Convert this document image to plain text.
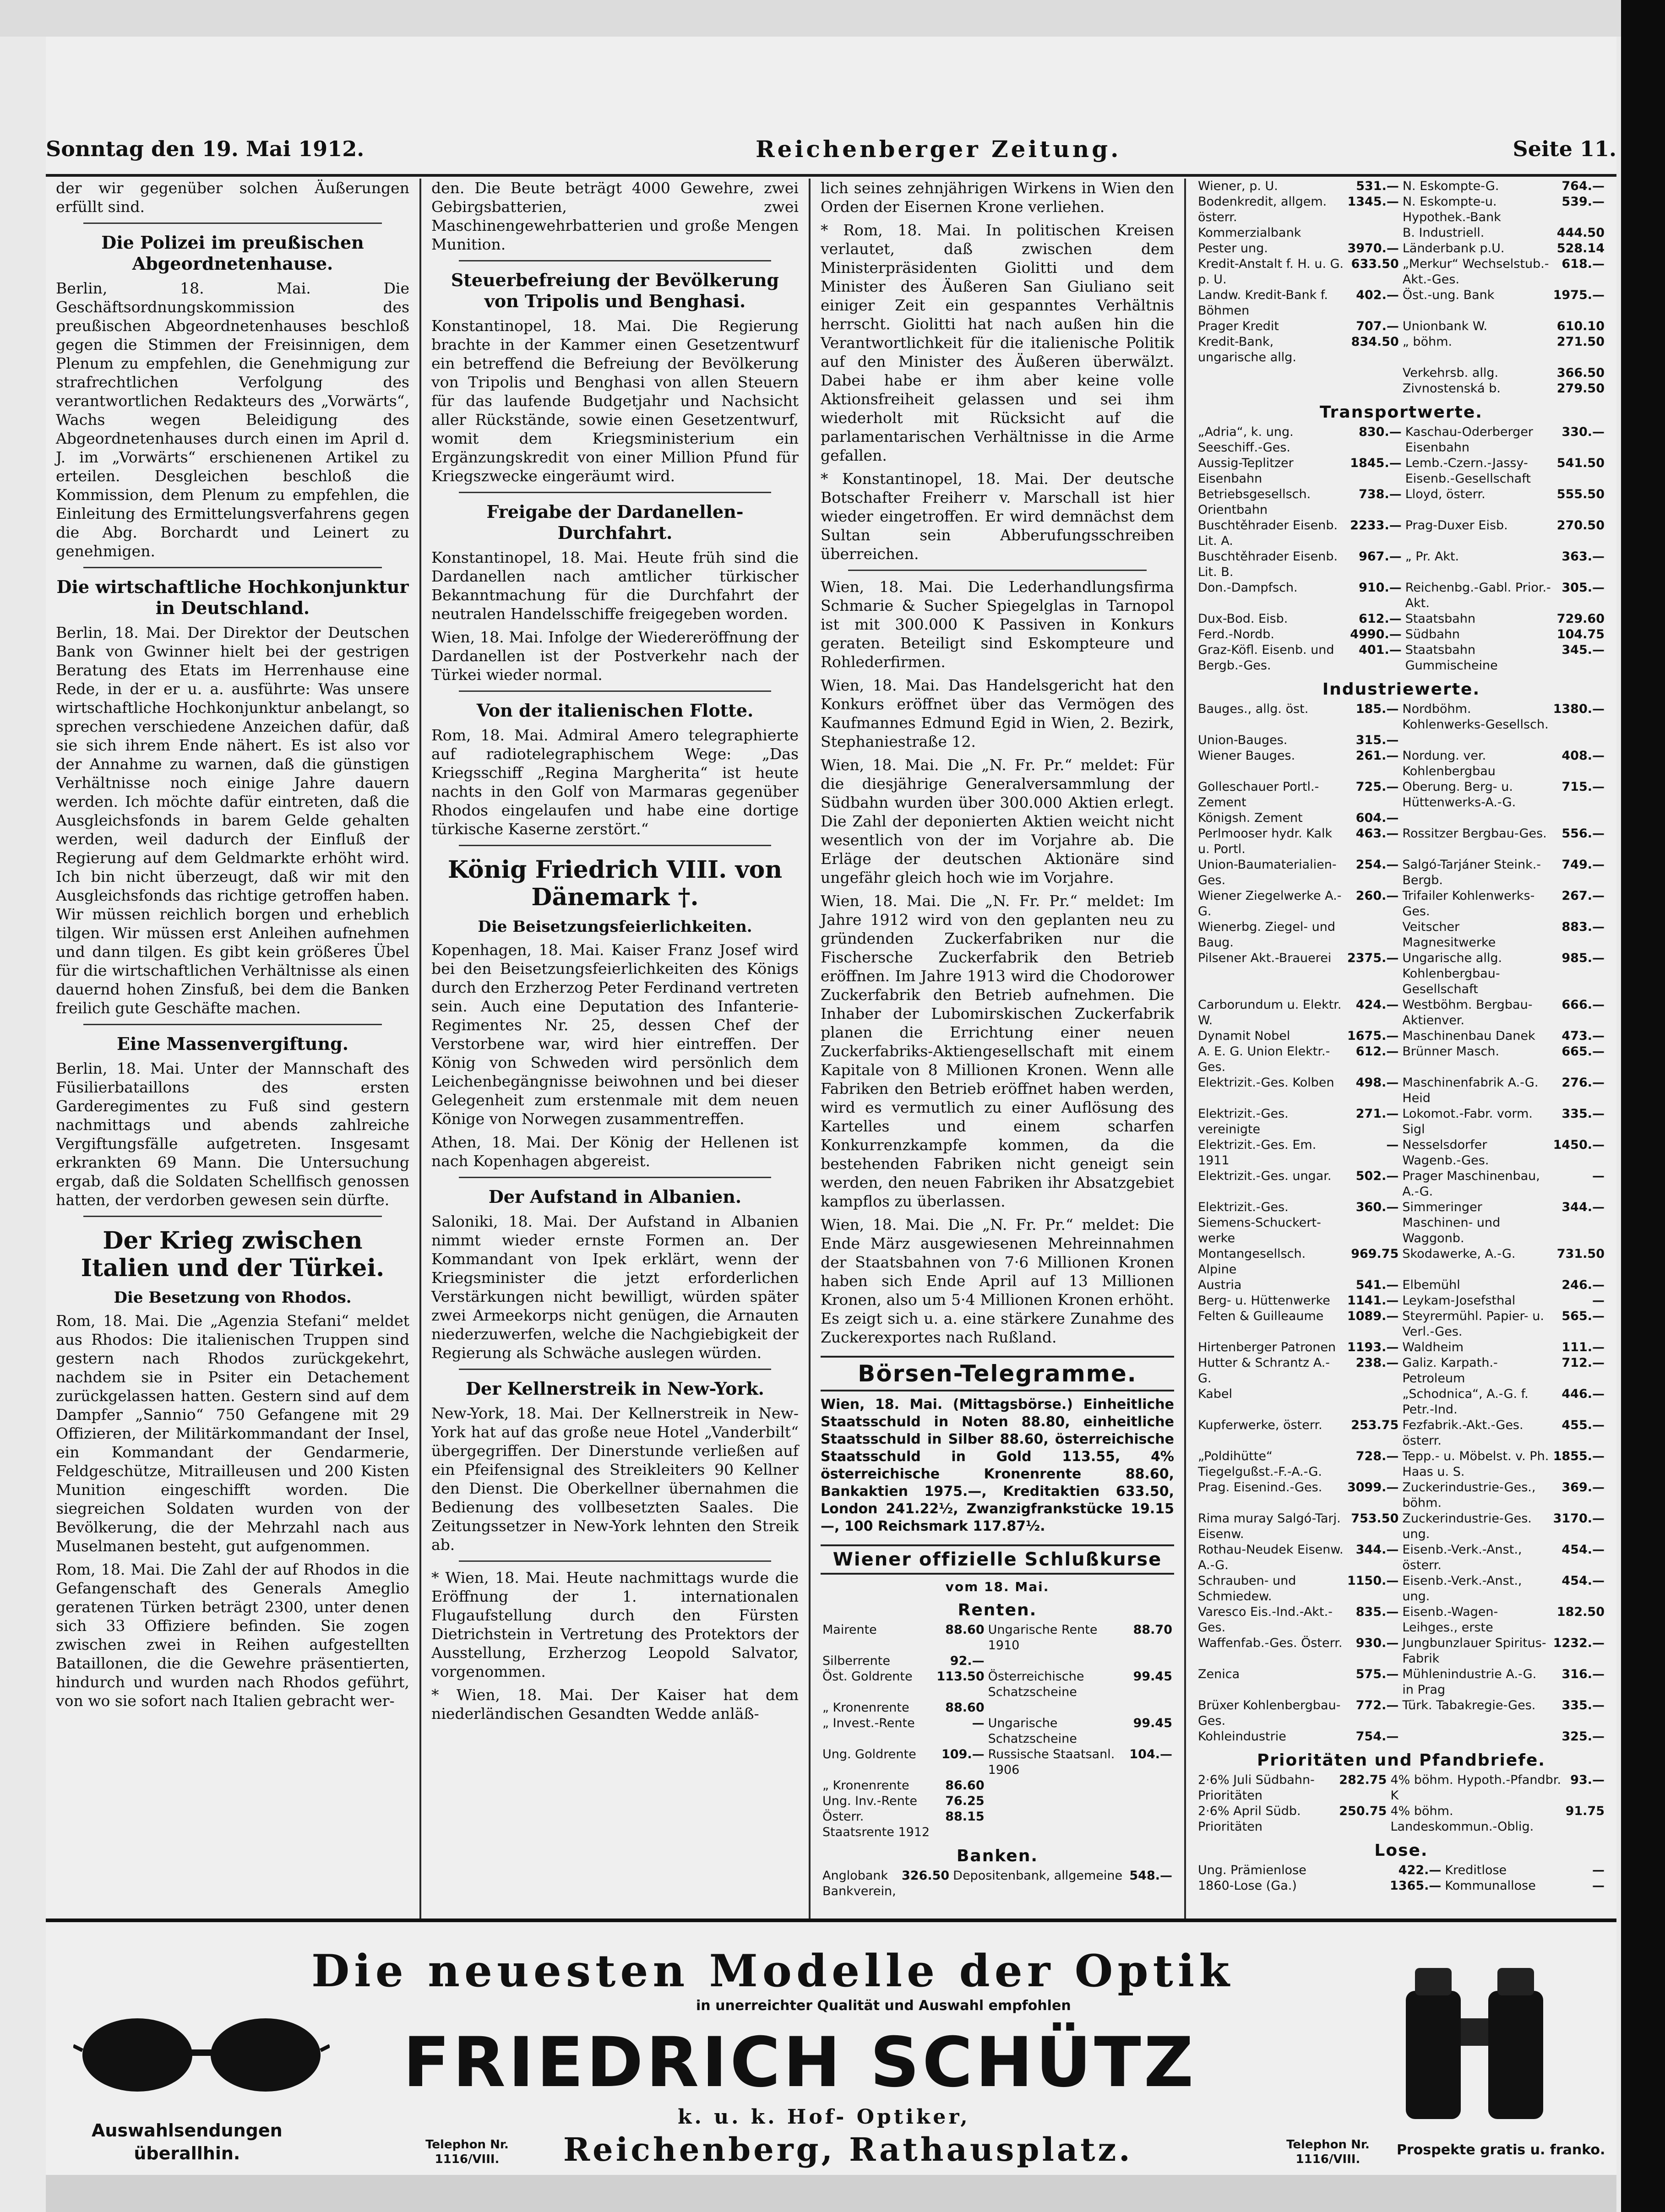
Sonntag den 19. Mai 1912.	Reichenberger Zeitung.	Seite 11.

der wir gegenüber solchen Äußerungen erfüllt sind.

Die Polizei im preußischen Abgeordnetenhause.

Berlin, 18. Mai. Die Geschäftsordnungskommission des preußischen Abgeordnetenhauses beschloß gegen die Stimmen der Freisinnigen, dem Plenum zu empfehlen, die Genehmigung zur strafrechtlichen Verfolgung des verantwortlichen Redakteurs des „Vorwärts“, Wachs wegen Beleidigung des Abgeordnetenhauses durch einen im April d. J. im „Vorwärts“ erschienenen Artikel zu erteilen. Desgleichen beschloß die Kommission, dem Plenum zu empfehlen, die Einleitung des Ermittelungsverfahrens gegen die Abg. Borchardt und Leinert zu genehmigen.

Die wirtschaftliche Hochkonjunktur in Deutschland.

Berlin, 18. Mai. Der Direktor der Deutschen Bank von Gwinner hielt bei der gestrigen Beratung des Etats im Herrenhause eine Rede, in der er u. a. ausführte: Was unsere wirtschaftliche Hochkonjunktur anbelangt, so sprechen verschiedene Anzeichen dafür, daß sie sich ihrem Ende nähert. Es ist also vor der Annahme zu warnen, daß die günstigen Verhältnisse noch einige Jahre dauern werden. Ich möchte dafür eintreten, daß die Ausgleichsfonds in barem Gelde gehalten werden, weil dadurch der Einfluß der Regierung auf dem Geldmarkte erhöht wird. Ich bin nicht überzeugt, daß wir mit den Ausgleichsfonds das richtige getroffen haben. Wir müssen reichlich borgen und erheblich tilgen. Wir müssen erst Anleihen aufnehmen und dann tilgen. Es gibt kein größeres Übel für die wirtschaftlichen Verhältnisse als einen dauernd hohen Zinsfuß, bei dem die Banken freilich gute Geschäfte machen.

Eine Massenvergiftung.

Berlin, 18. Mai. Unter der Mannschaft des Füsilierbataillons des ersten Garderegimentes zu Fuß sind gestern nachmittags und abends zahlreiche Vergiftungsfälle aufgetreten. Insgesamt erkrankten 69 Mann. Die Untersuchung ergab, daß die Soldaten Schellfisch genossen hatten, der verdorben gewesen sein dürfte.

Der Krieg zwischen Italien und der Türkei.
Die Besetzung von Rhodos.

Rom, 18. Mai. Die „Agenzia Stefani“ meldet aus Rhodos: Die italienischen Truppen sind gestern nach Rhodos zurückgekehrt, nachdem sie in Psiter ein Detachement zurückgelassen hatten. Gestern sind auf dem Dampfer „Sannio“ 750 Gefangene mit 29 Offizieren, der Militärkommandant der Insel, ein Kommandant der Gendarmerie, Feldgeschütze, Mitrailleusen und 200 Kisten Munition eingeschifft worden. Die siegreichen Soldaten wurden von der Bevölkerung, die der Mehrzahl nach aus Muselmanen besteht, gut aufgenommen.

Rom, 18. Mai. Die Zahl der auf Rhodos in die Gefangenschaft des Generals Ameglio geratenen Türken beträgt 2300, unter denen sich 33 Offiziere befinden. Sie zogen zwischen zwei in Reihen aufgestellten Bataillonen, die die Gewehre präsentierten, hindurch und wurden nach Rhodos geführt, von wo sie sofort nach Italien gebracht wer-

den. Die Beute beträgt 4000 Gewehre, zwei Gebirgsbatterien, zwei Maschinengewehrbatterien und große Mengen Munition.

Steuerbefreiung der Bevölkerung von Tripolis und Benghasi.

Konstantinopel, 18. Mai. Die Regierung brachte in der Kammer einen Gesetzentwurf ein betreffend die Befreiung der Bevölkerung von Tripolis und Benghasi von allen Steuern für das laufende Budgetjahr und Nachsicht aller Rückstände, sowie einen Gesetzentwurf, womit dem Kriegsministerium ein Ergänzungskredit von einer Million Pfund für Kriegszwecke eingeräumt wird.

Freigabe der Dardanellen-Durchfahrt.

Konstantinopel, 18. Mai. Heute früh sind die Dardanellen nach amtlicher türkischer Bekanntmachung für die Durchfahrt der neutralen Handelsschiffe freigegeben worden.

Wien, 18. Mai. Infolge der Wiedereröffnung der Dardanellen ist der Postverkehr nach der Türkei wieder normal.

Von der italienischen Flotte.

Rom, 18. Mai. Admiral Amero telegraphierte auf radiotelegraphischem Wege: „Das Kriegsschiff „Regina Margherita“ ist heute nachts in den Golf von Marmaras gegenüber Rhodos eingelaufen und habe eine dortige türkische Kaserne zerstört.“

König Friedrich VIII. von Dänemark †.
Die Beisetzungsfeierlichkeiten.

Kopenhagen, 18. Mai. Kaiser Franz Josef wird bei den Beisetzungsfeierlichkeiten des Königs durch den Erzherzog Peter Ferdinand vertreten sein. Auch eine Deputation des Infanterie-Regimentes Nr. 25, dessen Chef der Verstorbene war, wird hier eintreffen. Der König von Schweden wird persönlich dem Leichenbegängnisse beiwohnen und bei dieser Gelegenheit zum erstenmale mit dem neuen Könige von Norwegen zusammentreffen.

Athen, 18. Mai. Der König der Hellenen ist nach Kopenhagen abgereist.

Der Aufstand in Albanien.

Saloniki, 18. Mai. Der Aufstand in Albanien nimmt wieder ernste Formen an. Der Kommandant von Ipek erklärt, wenn der Kriegsminister die jetzt erforderlichen Verstärkungen nicht bewilligt, würden später zwei Armeekorps nicht genügen, die Arnauten niederzuwerfen, welche die Nachgiebigkeit der Regierung als Schwäche auslegen würden.

Der Kellnerstreik in New-York.

New-York, 18. Mai. Der Kellnerstreik in New-York hat auf das große neue Hotel „Vanderbilt“ übergegriffen. Der Dinerstunde verließen auf ein Pfeifensignal des Streikleiters 90 Kellner den Dienst. Die Oberkellner übernahmen die Bedienung des vollbesetzten Saales. Die Zeitungssetzer in New-York lehnten den Streik ab.

* Wien, 18. Mai. Heute nachmittags wurde die Eröffnung der 1. internationalen Flugaufstellung durch den Fürsten Dietrichstein in Vertretung des Protektors der Ausstellung, Erzherzog Leopold Salvator, vorgenommen.

* Wien, 18. Mai. Der Kaiser hat dem niederländischen Gesandten Wedde anläß-

lich seines zehnjährigen Wirkens in Wien den Orden der Eisernen Krone verliehen.

* Rom, 18. Mai. In politischen Kreisen verlautet, daß zwischen dem Ministerpräsidenten Giolitti und dem Minister des Äußeren San Giuliano seit einiger Zeit ein gespanntes Verhältnis herrscht. Giolitti hat nach außen hin die Verantwortlichkeit für die italienische Politik auf den Minister des Äußeren überwälzt. Dabei habe er ihm aber keine volle Aktionsfreiheit gelassen und sei ihm wiederholt mit Rücksicht auf die parlamentarischen Verhältnisse in die Arme gefallen.

* Konstantinopel, 18. Mai. Der deutsche Botschafter Freiherr v. Marschall ist hier wieder eingetroffen. Er wird demnächst dem Sultan sein Abberufungsschreiben überreichen.

Wien, 18. Mai. Die Lederhandlungsfirma Schmarie & Sucher Spiegelglas in Tarnopol ist mit 300.000 K Passiven in Konkurs geraten. Beteiligt sind Eskompteure und Rohlederfirmen.

Wien, 18. Mai. Das Handelsgericht hat den Konkurs eröffnet über das Vermögen des Kaufmannes Edmund Egid in Wien, 2. Bezirk, Stephaniestraße 12.

Wien, 18. Mai. Die „N. Fr. Pr.“ meldet: Für die diesjährige Generalversammlung der Südbahn wurden über 300.000 Aktien erlegt. Die Zahl der deponierten Aktien weicht nicht wesentlich von der im Vorjahre ab. Die Erläge der deutschen Aktionäre sind ungefähr gleich hoch wie im Vorjahre.

Wien, 18. Mai. Die „N. Fr. Pr.“ meldet: Im Jahre 1912 wird von den geplanten neu zu gründenden Zuckerfabriken nur die Fischersche Zuckerfabrik den Betrieb eröffnen. Im Jahre 1913 wird die Chodorower Zuckerfabrik den Betrieb aufnehmen. Die Inhaber der Lubomirskischen Zuckerfabrik planen die Errichtung einer neuen Zuckerfabriks-Aktiengesellschaft mit einem Kapitale von 8 Millionen Kronen. Wenn alle Fabriken den Betrieb eröffnet haben werden, wird es vermutlich zu einer Auflösung des Kartelles und einem scharfen Konkurrenzkampfe kommen, da die bestehenden Fabriken nicht geneigt sein werden, den neuen Fabriken ihr Absatzgebiet kampflos zu überlassen.

Wien, 18. Mai. Die „N. Fr. Pr.“ meldet: Die Ende März ausgewiesenen Mehreinnahmen der Staatsbahnen von 7·6 Millionen Kronen haben sich Ende April auf 13 Millionen Kronen, also um 5·4 Millionen Kronen erhöht. Es zeigt sich u. a. eine stärkere Zunahme des Zuckerexportes nach Rußland.

Börsen-Telegramme.
Wien, 18. Mai. (Mittagsbörse.) Einheitliche Staatsschuld in Noten 88.80, einheitliche Staatsschuld in Silber 88.60, österreichische Staatsschuld in Gold 113.55, 4% österreichische Kronenrente 88.60, Bankaktien 1975.—, Kreditaktien 633.50, London 241.22½, Zwanzigfrankstücke 19.15—, 100 Reichsmark 117.87½.
Wiener offizielle Schlußkurse
vom 18. Mai.
Renten.
Mairente	88.60	Ungarische Rente 1910	88.70
Silberrente	92.—		
Öst. Goldrente	113.50	Österreichische Schatzscheine	99.45
„ Kronenrente	88.60		
„ Invest.-Rente	—	Ungarische Schatzscheine	99.45
Ung. Goldrente	109.—	Russische Staatsanl. 1906	104.—
„ Kronenrente	86.60		
Ung. Inv.-Rente	76.25		
Österr. Staatsrente 1912	88.15		
Banken.
Anglobank	326.50	Depositenbank, allgemeine	548.—
Bankverein,			
Wiener, p. U.	531.—	N. Eskompte-G.	764.—
Bodenkredit, allgem. österr.	1345.—	N. Eskompte-u. Hypothek.-Bank	539.—
Kommerzialbank		B. Industriell.	444.50
Pester ung.	3970.—	Länderbank p.U.	528.14
Kredit-Anstalt f. H. u. G. p. U.	633.50	„Merkur“ Wechselstub.-Akt.-Ges.	618.—
Landw. Kredit-Bank f. Böhmen	402.—	Öst.-ung. Bank	1975.—
Prager Kredit	707.—	Unionbank W.	610.10
Kredit-Bank, ungarische allg.	834.50	„ böhm.	271.50
		Verkehrsb. allg.	366.50
		Zivnostenská b.	279.50
Transportwerte.
„Adria“, k. ung. Seeschiff.-Ges.	830.—	Kaschau-Oderberger Eisenbahn	330.—
Aussig-Teplitzer Eisenbahn	1845.—	Lemb.-Czern.-Jassy-Eisenb.-Gesellschaft	541.50
Betriebsgesellsch. Orientbahn	738.—	Lloyd, österr.	555.50
Buschtěhrader Eisenb. Lit. A.	2233.—	Prag-Duxer Eisb.	270.50
Buschtěhrader Eisenb. Lit. B.	967.—	„ Pr. Akt.	363.—
Don.-Dampfsch.	910.—	Reichenbg.-Gabl. Prior.-Akt.	305.—
Dux-Bod. Eisb.	612.—	Staatsbahn	729.60
Ferd.-Nordb.	4990.—	Südbahn	104.75
Graz-Köfl. Eisenb. und Bergb.-Ges.	401.—	Staatsbahn Gummischeine	345.—
Industriewerte.
Bauges., allg. öst.	185.—	Nordböhm. Kohlenwerks-Gesellsch.	1380.—
Union-Bauges.	315.—		
Wiener Bauges.	261.—	Nordung. ver. Kohlenbergbau	408.—
Golleschauer Portl.-Zement	725.—	Oberung. Berg- u. Hüttenwerks-A.-G.	715.—
Königsh. Zement	604.—		
Perlmooser hydr. Kalk u. Portl.	463.—	Rossitzer Bergbau-Ges.	556.—
Union-Baumaterialien-Ges.	254.—	Salgó-Tarjáner Steink.-Bergb.	749.—
Wiener Ziegelwerke A.-G.	260.—	Trifailer Kohlenwerks-Ges.	267.—
Wienerbg. Ziegel- und Baug.		Veitscher Magnesitwerke	883.—
Pilsener Akt.-Brauerei	2375.—	Ungarische allg. Kohlenbergbau-Gesellschaft	985.—
Carborundum u. Elektr. W.	424.—	Westböhm. Bergbau-Aktienver.	666.—
Dynamit Nobel	1675.—	Maschinenbau Danek	473.—
A. E. G. Union Elektr.-Ges.	612.—	Brünner Masch.	665.—
Elektrizit.-Ges. Kolben	498.—	Maschinenfabrik A.-G. Heid	276.—
Elektrizit.-Ges. vereinigte	271.—	Lokomot.-Fabr. vorm. Sigl	335.—
Elektrizit.-Ges. Em. 1911	—	Nesselsdorfer Wagenb.-Ges.	1450.—
Elektrizit.-Ges. ungar.	502.—	Prager Maschinenbau, A.-G.	—
Elektrizit.-Ges. Siemens-Schuckert-werke	360.—	Simmeringer Maschinen- und Waggonb.	344.—
Montangesellsch. Alpine	969.75	Skodawerke, A.-G.	731.50
Austria	541.—	Elbemühl	246.—
Berg- u. Hüttenwerke	1141.—	Leykam-Josefsthal	—
Felten & Guilleaume	1089.—	Steyrermühl. Papier- u. Verl.-Ges.	565.—
Hirtenberger Patronen	1193.—	Waldheim	111.—
Hutter & Schrantz A.-G.	238.—	Galiz. Karpath.-Petroleum	712.—
Kabel		„Schodnica“, A.-G. f. Petr.-Ind.	446.—
Kupferwerke, österr.	253.75	Fezfabrik.-Akt.-Ges. österr.	455.—
„Poldihütte“ Tiegelgußst.-F.-A.-G.	728.—	Tepp.- u. Möbelst. v. Ph. Haas u. S.	1855.—
Prag. Eisenind.-Ges.	3099.—	Zuckerindustrie-Ges., böhm.	369.—
Rima muray Salgó-Tarj. Eisenw.	753.50	Zuckerindustrie-Ges. ung.	3170.—
Rothau-Neudek Eisenw. A.-G.	344.—	Eisenb.-Verk.-Anst., österr.	454.—
Schrauben- und Schmiedew.	1150.—	Eisenb.-Verk.-Anst., ung.	454.—
Varesco Eis.-Ind.-Akt.-Ges.	835.—	Eisenb.-Wagen-Leihges., erste	182.50
Waffenfab.-Ges. Österr.	930.—	Jungbunzlauer Spiritus-Fabrik	1232.—
Zenica	575.—	Mühlenindustrie A.-G. in Prag	316.—
Brüxer Kohlenbergbau-Ges.	772.—	Türk. Tabakregie-Ges.	335.—
Kohleindustrie	754.—		325.—
Prioritäten und Pfandbriefe.
2·6% Juli Südbahn-Prioritäten	282.75	4% böhm. Hypoth.-Pfandbr. K	93.—
2·6% April Südb. Prioritäten	250.75	4% böhm. Landeskommun.-Oblig.	91.75
Lose.
Ung. Prämienlose	422.—	Kreditlose	—
1860-Lose (Ga.)	1365.—	Kommunallose	—
Die neuesten Modelle der Optik
in unerreichter Qualität und Auswahl empfohlen
FRIEDRICH SCHÜTZ
k. u. k. Hof- Optiker,
Reichenberg, Rathausplatz.
Auswahlsendungen
überallhin.	Telephon Nr. 1116/VIII.
Telephon Nr. 1116/VIII.
Prospekte gratis u. franko.
